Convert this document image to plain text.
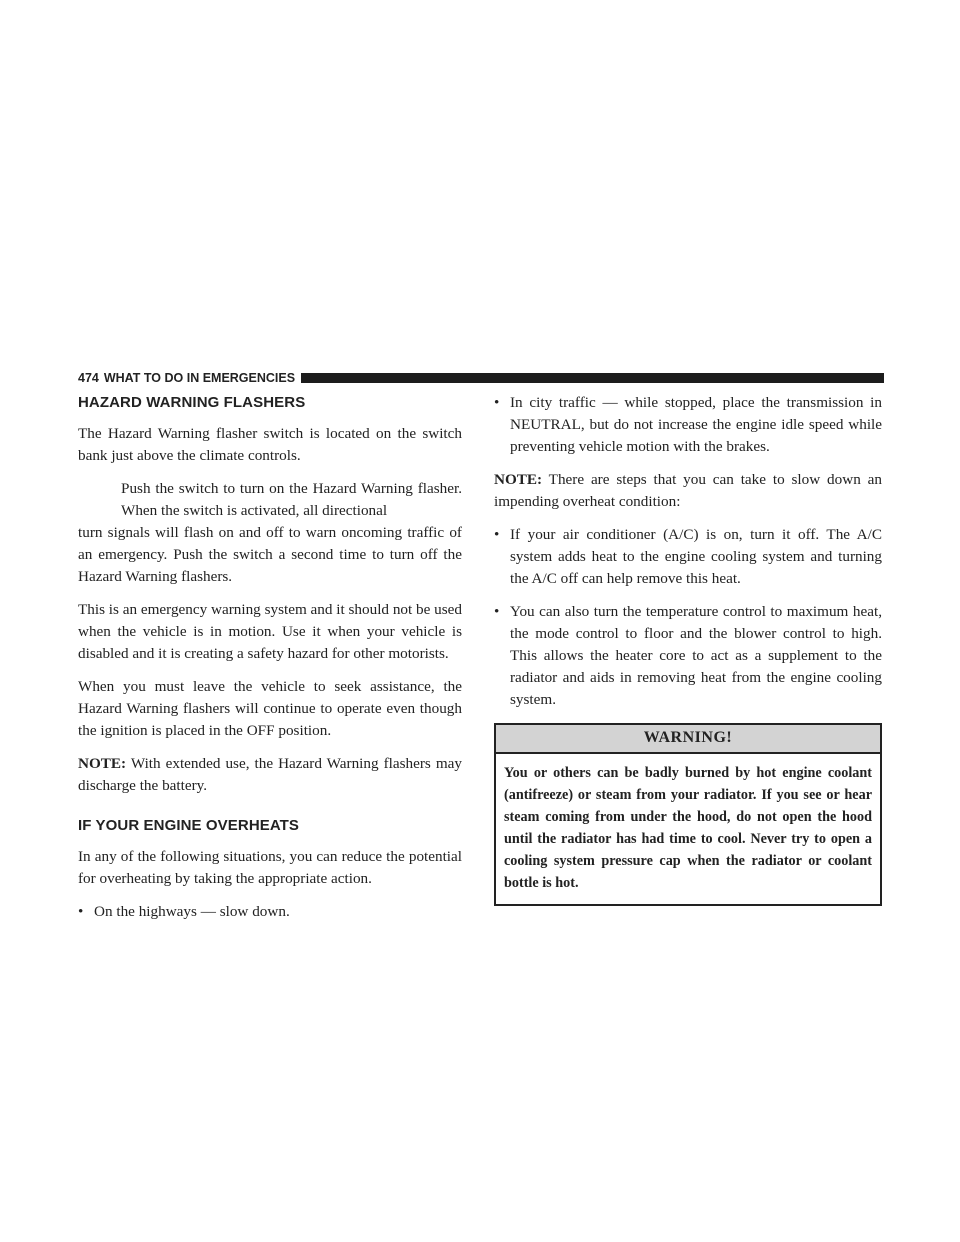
474 WHAT TO DO IN EMERGENCIES
HAZARD WARNING FLASHERS

The Hazard Warning flasher switch is located on the switch bank just above the climate controls.

Push the switch to turn on the Hazard Warning flasher. When the switch is activated, all directional
turn signals will flash on and off to warn oncoming traffic of an emergency. Push the switch a second time to turn off the Hazard Warning flashers.

This is an emergency warning system and it should not be used when the vehicle is in motion. Use it when your vehicle is disabled and it is creating a safety hazard for other motorists.

When you must leave the vehicle to seek assistance, the Hazard Warning flashers will continue to operate even though the ignition is placed in the OFF position.

NOTE: With extended use, the Hazard Warning flashers may discharge the battery.

IF YOUR ENGINE OVERHEATS

In any of the following situations, you can reduce the potential for overheating by taking the appropriate action.

• On the highways — slow down.
• In city traffic — while stopped, place the transmission in NEUTRAL, but do not increase the engine idle speed while preventing vehicle motion with the brakes.

NOTE: There are steps that you can take to slow down an impending overheat condition:

• If your air conditioner (A/C) is on, turn it off. The A/C system adds heat to the engine cooling system and turning the A/C off can help remove this heat.
• You can also turn the temperature control to maximum heat, the mode control to floor and the blower control to high. This allows the heater core to act as a supplement to the radiator and aids in removing heat from the engine cooling system.
WARNING!
You or others can be badly burned by hot engine coolant (antifreeze) or steam from your radiator. If you see or hear steam coming from under the hood, do not open the hood until the radiator has had time to cool. Never try to open a cooling system pressure cap when the radiator or coolant bottle is hot.
